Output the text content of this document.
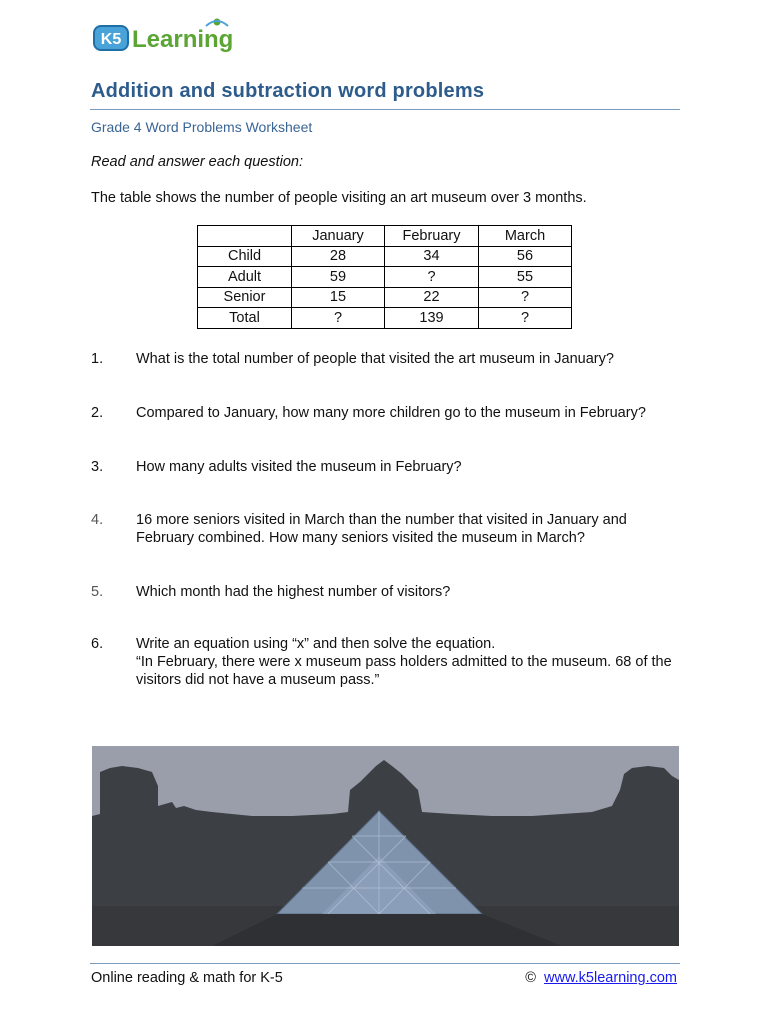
K5 Learning
Addition and subtraction word problems
Grade 4 Word Problems Worksheet
Read and answer each question:
The table shows the number of people visiting an art museum over 3 months.
	January	February	March
Child	28	34	56
Adult	59	?	55
Senior	15	22	?
Total	?	139	?
1. What is the total number of people that visited the art museum in January?
2. Compared to January, how many more children go to the museum in February?
3. How many adults visited the museum in February?
4. 16 more seniors visited in March than the number that visited in January and February combined. How many seniors visited the museum in March?
5. Which month had the highest number of visitors?
6. Write an equation using “x” and then solve the equation.
“In February, there were x museum pass holders admitted to the museum. 68 of the visitors did not have a museum pass.”
Online reading & math for K-5	© www.k5learning.com
